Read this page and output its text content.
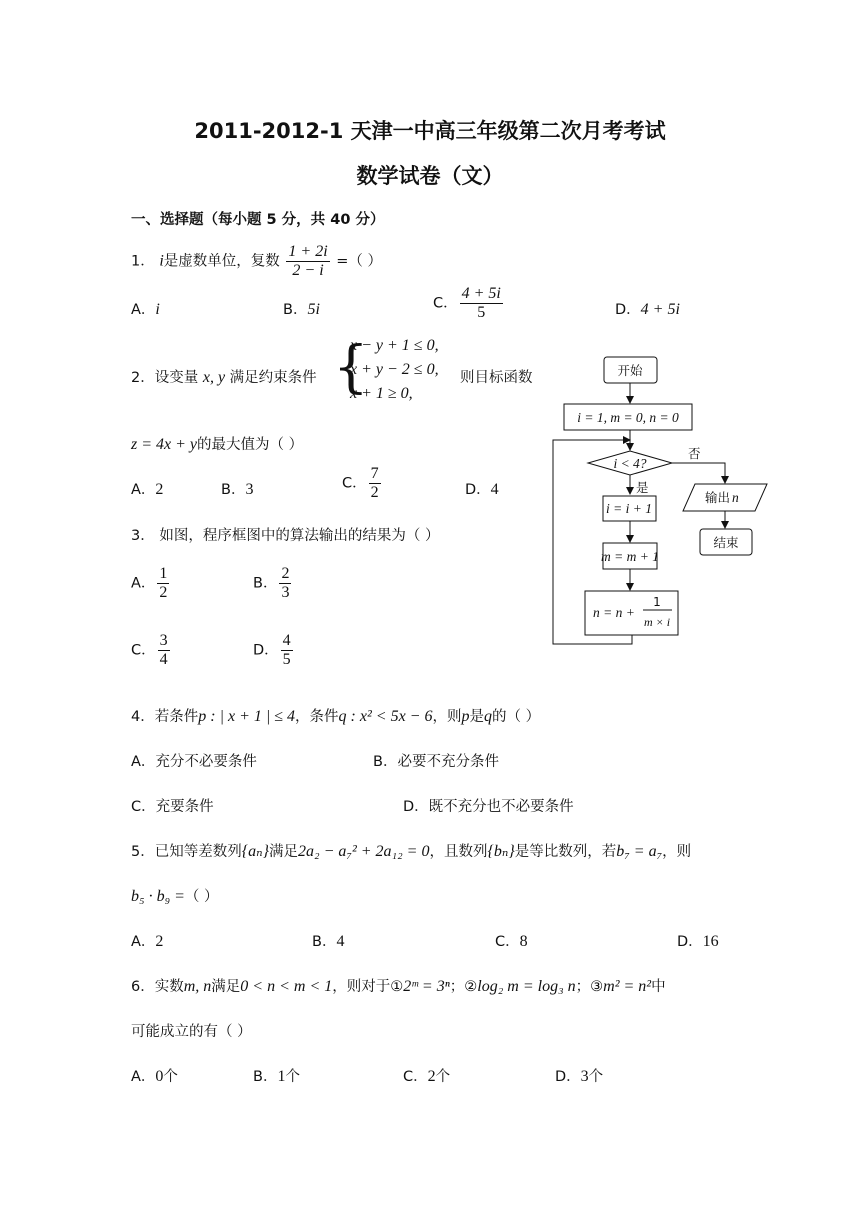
2011-2012-1 天津一中高三年级第二次月考考试
数学试卷（文）
一、选择题（每小题 5 分，共 40 分）
1． i是虚数单位，复数 $\frac{1 + 2i}{2 - i}$ =（ ）
A．i	B．5i	C． $\frac{4 + 5i}{5}$	D．4 + 5i
2．设变量 x, y 满足约束条件 {
x − y + 1 ≤ 0,
x + y − 2 ≤ 0,
x + 1 ≥ 0,
则目标函数
z = 4x + y的最大值为（ ）
A．2	B．3	C． $\frac{7}{2}$	D．4
3． 如图，程序框图中的算法输出的结果为（ ）
A． $\frac{1}{2}$	B． $\frac{2}{3}$
C． $\frac{3}{4}$	D． $\frac{4}{5}$
开始
i = 1, m = 0, n = 0
i < 4?
否
是
输出 n
结束
i = i + 1
m = m + 1
n = n +
1
m × i
4．若条件p : | x + 1 | ≤ 4，条件q : x² < 5x − 6，则p是q的（ ）
A．充分不必要条件	B．必要不充分条件
C．充要条件	D．既不充分也不必要条件
5．已知等差数列{aₙ}满足2a₂ − a₇² + 2a₁₂ = 0，且数列{bₙ}是等比数列，若b₇ = a₇，则
b₅ · b₉ =（ ）
A．2	B．4	C．8	D．16
6．实数m, n满足0 < n < m < 1，则对于①2ᵐ = 3ⁿ；②log₂ m = log₃ n；③m² = n²中
可能成立的有（ ）
A．0个	B．1个	C．2个	D．3个
